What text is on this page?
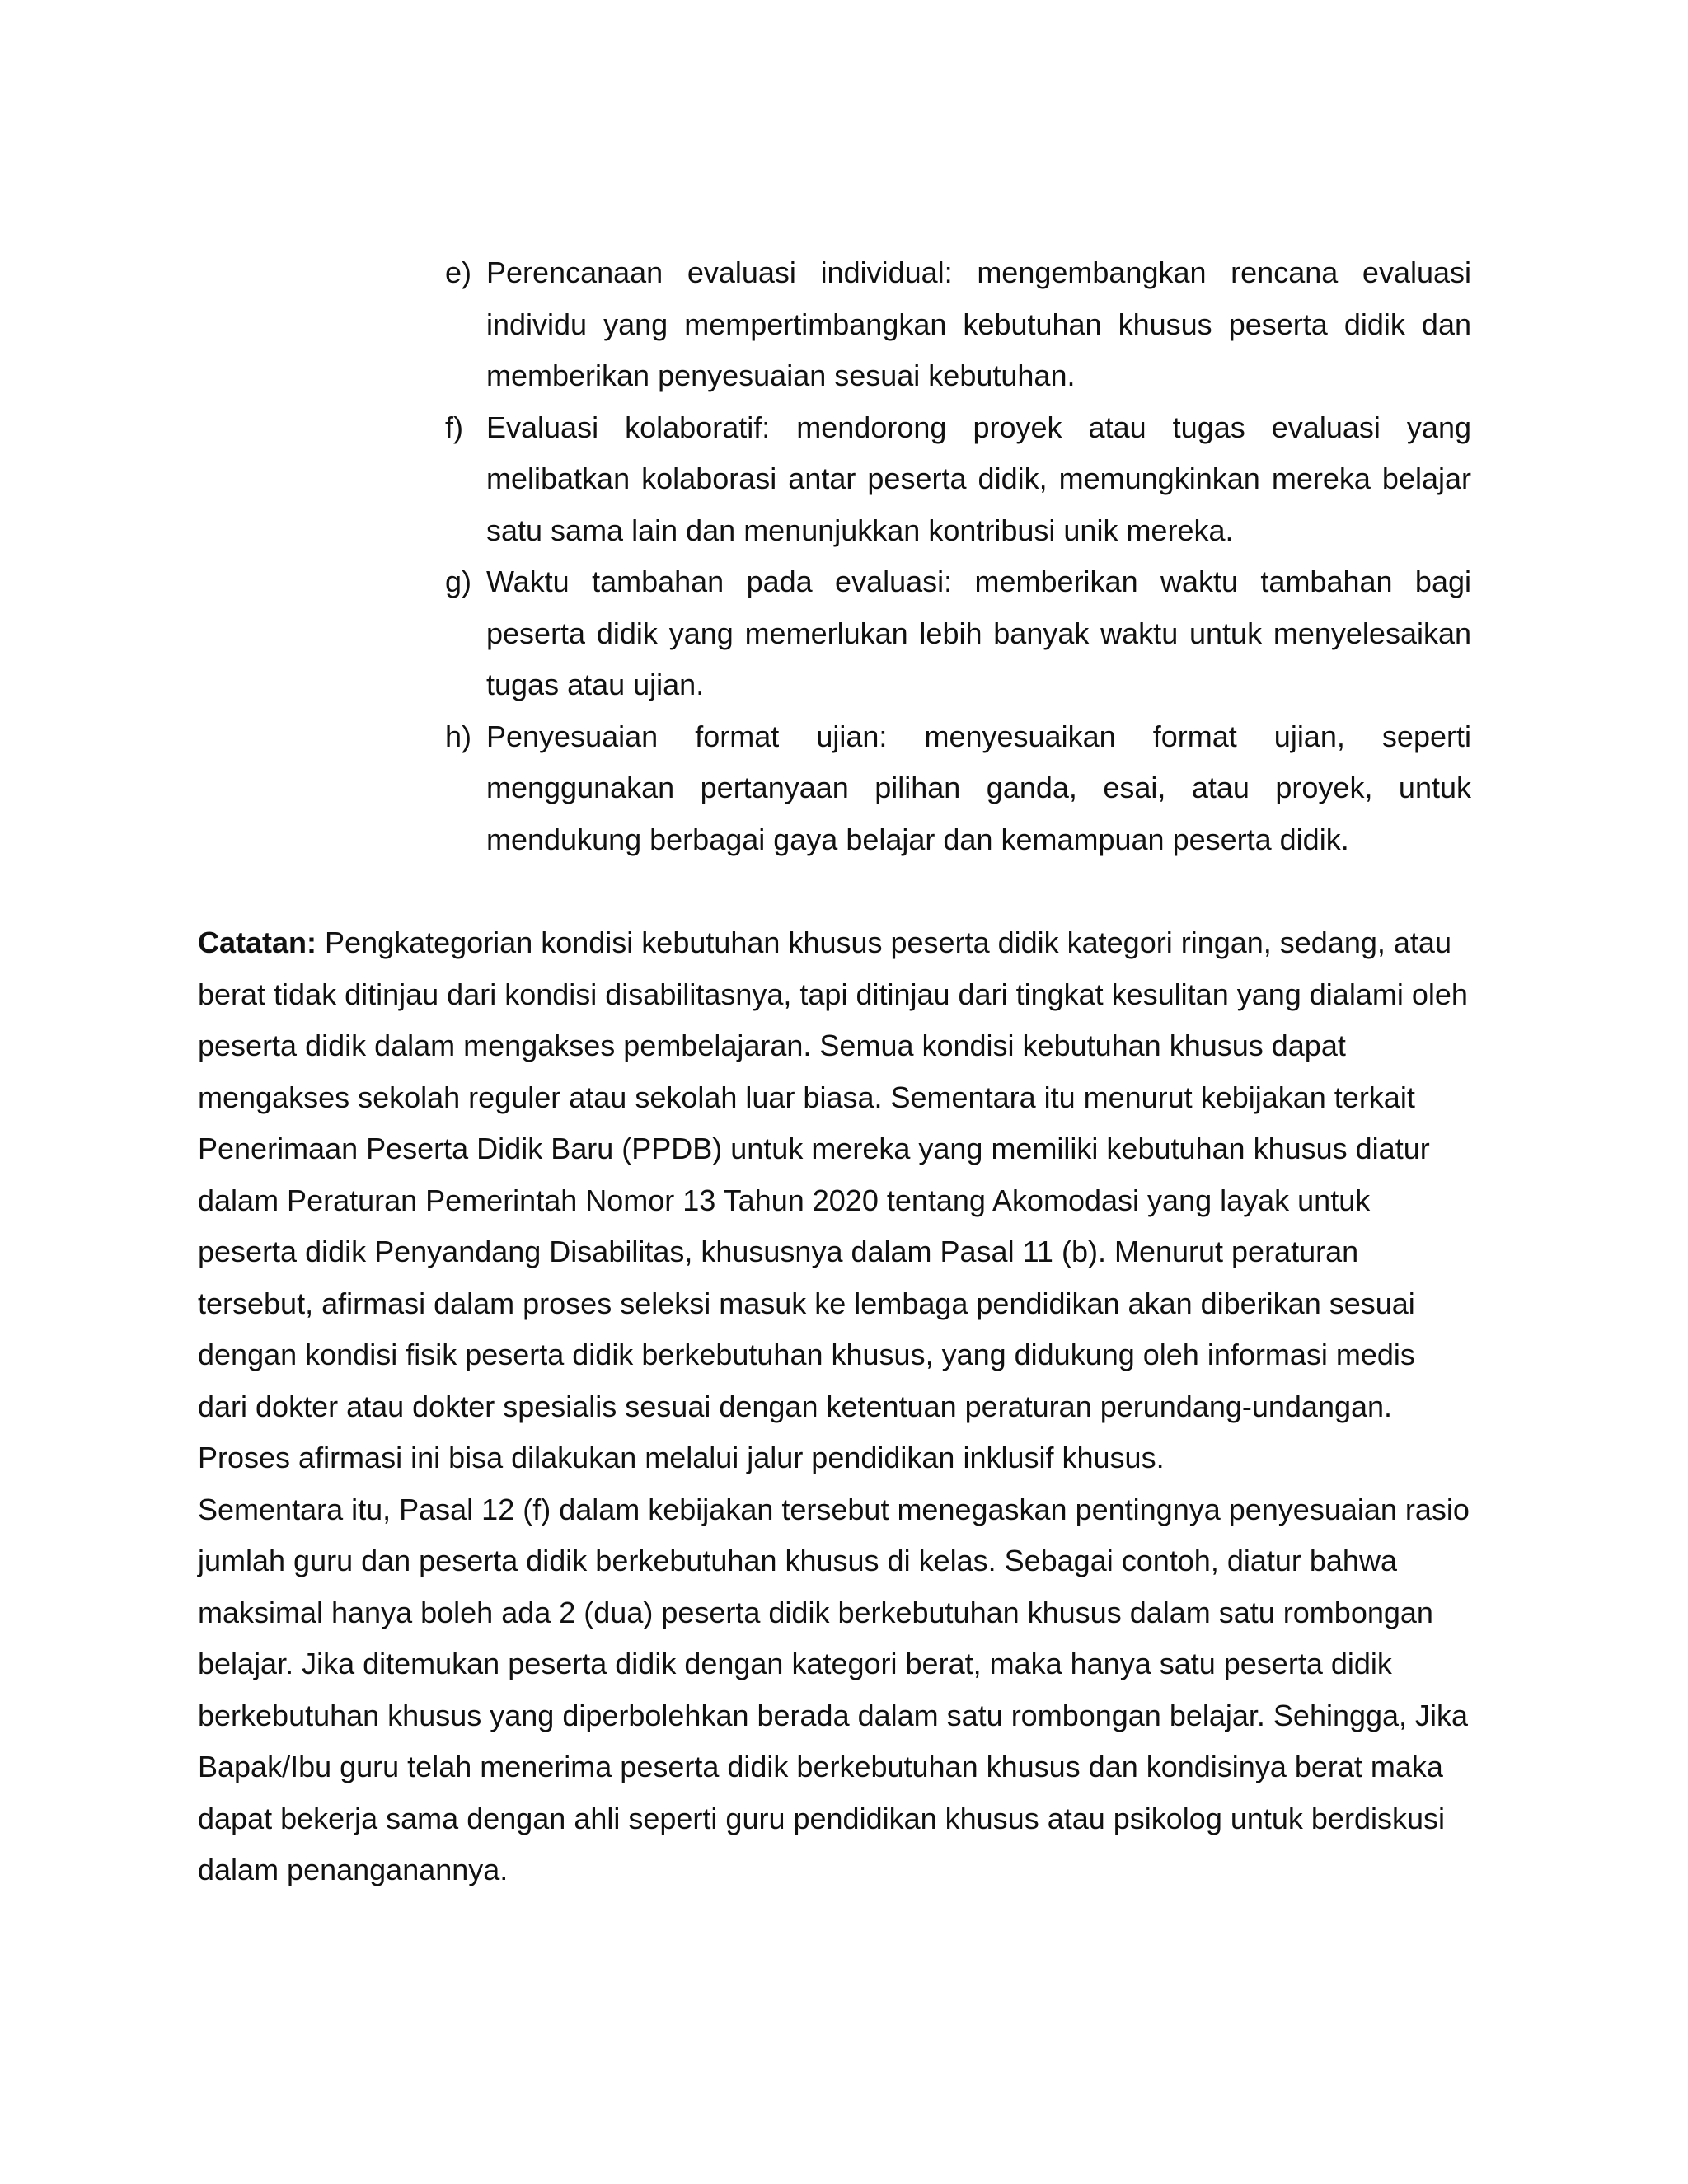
e) Perencanaan evaluasi individual: mengembangkan rencana evaluasi individu yang mempertimbangkan kebutuhan khusus peserta didik dan memberikan penyesuaian sesuai kebutuhan.
f) Evaluasi kolaboratif: mendorong proyek atau tugas evaluasi yang melibatkan kolaborasi antar peserta didik, memungkinkan mereka belajar satu sama lain dan menunjukkan kontribusi unik mereka.
g) Waktu tambahan pada evaluasi: memberikan waktu tambahan bagi peserta didik yang memerlukan lebih banyak waktu untuk menyelesaikan tugas atau ujian.
h) Penyesuaian format ujian: menyesuaikan format ujian, seperti menggunakan pertanyaan pilihan ganda, esai, atau proyek, untuk mendukung berbagai gaya belajar dan kemampuan peserta didik.

Catatan: Pengkategorian kondisi kebutuhan khusus peserta didik kategori ringan, sedang, atau berat tidak ditinjau dari kondisi disabilitasnya, tapi ditinjau dari tingkat kesulitan yang dialami oleh peserta didik dalam mengakses pembelajaran. Semua kondisi kebutuhan khusus dapat mengakses sekolah reguler atau sekolah luar biasa. Sementara itu menurut kebijakan terkait Penerimaan Peserta Didik Baru (PPDB) untuk mereka yang memiliki kebutuhan khusus diatur dalam Peraturan Pemerintah Nomor 13 Tahun 2020 tentang Akomodasi yang layak untuk peserta didik Penyandang Disabilitas, khususnya dalam Pasal 11 (b). Menurut peraturan tersebut, afirmasi dalam proses seleksi masuk ke lembaga pendidikan akan diberikan sesuai dengan kondisi fisik peserta didik berkebutuhan khusus, yang didukung oleh informasi medis dari dokter atau dokter spesialis sesuai dengan ketentuan peraturan perundang-undangan. Proses afirmasi ini bisa dilakukan melalui jalur pendidikan inklusif khusus.

Sementara itu, Pasal 12 (f) dalam kebijakan tersebut menegaskan pentingnya penyesuaian rasio jumlah guru dan peserta didik berkebutuhan khusus di kelas. Sebagai contoh, diatur bahwa maksimal hanya boleh ada 2 (dua) peserta didik berkebutuhan khusus dalam satu rombongan belajar. Jika ditemukan peserta didik dengan kategori berat, maka hanya satu peserta didik berkebutuhan khusus yang diperbolehkan berada dalam satu rombongan belajar. Sehingga, Jika Bapak/Ibu guru telah menerima peserta didik berkebutuhan khusus dan kondisinya berat maka dapat bekerja sama dengan ahli seperti guru pendidikan khusus atau psikolog untuk berdiskusi dalam penanganannya.
